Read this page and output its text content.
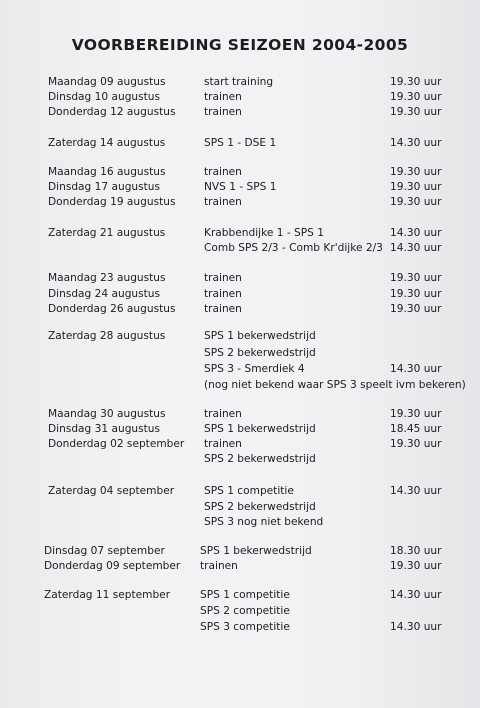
VOORBEREIDING SEIZOEN 2004-2005
Maandag 09 augustus	start training	19.30 uur
Dinsdag 10 augustus	trainen	19.30 uur
Donderdag 12 augustus	trainen	19.30 uur
Zaterdag 14 augustus	SPS 1 - DSE 1	14.30 uur
Maandag 16 augustus	trainen	19.30 uur
Dinsdag 17 augustus	NVS 1 - SPS 1	19.30 uur
Donderdag 19 augustus	trainen	19.30 uur
Zaterdag 21 augustus	Krabbendijke 1 - SPS 1	14.30 uur
Comb SPS 2/3 - Comb Kr'dijke 2/3 14.30 uur
Maandag 23 augustus	trainen	19.30 uur
Dinsdag 24 augustus	trainen	19.30 uur
Donderdag 26 augustus	trainen	19.30 uur
Zaterdag 28 augustus	SPS 1 bekerwedstrijd
SPS 2 bekerwedstrijd
SPS 3 - Smerdiek 4	14.30 uur
(nog niet bekend waar SPS 3 speelt ivm bekeren)
Maandag 30 augustus	trainen	19.30 uur
Dinsdag 31 augustus	SPS 1 bekerwedstrijd	18.45 uur
Donderdag 02 september trainen	19.30 uur
SPS 2 bekerwedstrijd
Zaterdag 04 september	SPS 1 competitie	14.30 uur
SPS 2 bekerwedstrijd
SPS 3 nog niet bekend
Dinsdag 07 september	SPS 1 bekerwedstrijd	18.30 uur
Donderdag 09 september trainen	19.30 uur
Zaterdag 11 september	SPS 1 competitie	14.30 uur
SPS 2 competitie
SPS 3 competitie	14.30 uur
